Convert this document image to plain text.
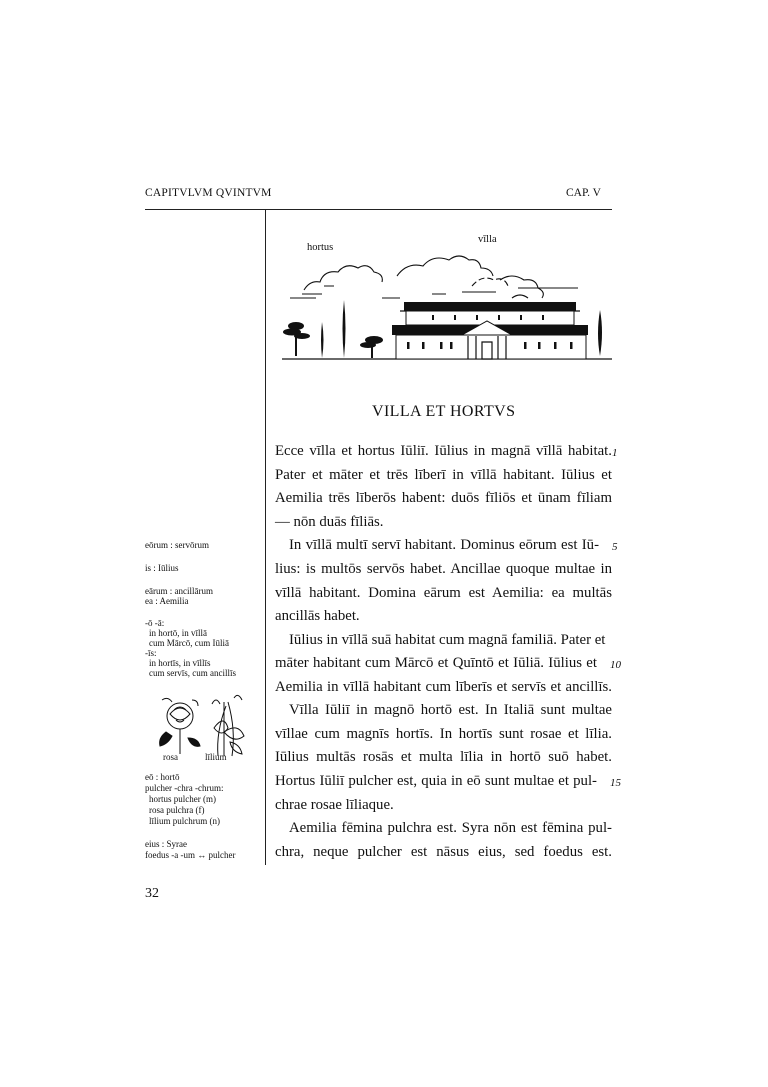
CAPITVLVM QVINTVM	CAP. V
hortus
vīlla
VILLA ET HORTVS
Ecce vīlla et hortus Iūliī. Iūlius in magnā vīllā habitat.
Pater et māter et trēs līberī in vīllā habitant. Iūlius et
Aemilia trēs līberōs habent: duōs fīliōs et ūnam fīliam
— nōn duās fīliās.
In vīllā multī servī habitant. Dominus eōrum est Iū-
lius: is multōs servōs habet. Ancillae quoque multae in
vīllā habitant. Domina eārum est Aemilia: ea multās
ancillās habet.
Iūlius in vīllā suā habitat cum magnā familiā. Pater et
māter habitant cum Mārcō et Quīntō et Iūliā. Iūlius et
Aemilia in vīllā habitant cum līberīs et servīs et ancillīs.
Vīlla Iūliī in magnō hortō est. In Italiā sunt multae
vīllae cum magnīs hortīs. In hortīs sunt rosae et līlia.
Iūlius multās rosās et multa līlia in hortō suō habet.
Hortus Iūliī pulcher est, quia in eō sunt multae et pul-
chrae rosae līliaque.
Aemilia fēmina pulchra est. Syra nōn est fēmina pul-
chra, neque pulcher est nāsus eius, sed foedus est.
1
5
10
15
eōrum : servōrum
is : Iūlius
eārum : ancillārum
ea : Aemilia
-ō -ā:
in hortō, in vīllā
cum Mārcō, cum Iūliā
-īs:
in hortīs, in vīllīs
cum servīs, cum ancillīs
rosa	līlium
eō : hortō
pulcher -chra -chrum:
hortus pulcher (m)
rosa pulchra (f)
līlium pulchrum (n)
eius : Syrae
foedus -a -um ↔ pulcher
32
